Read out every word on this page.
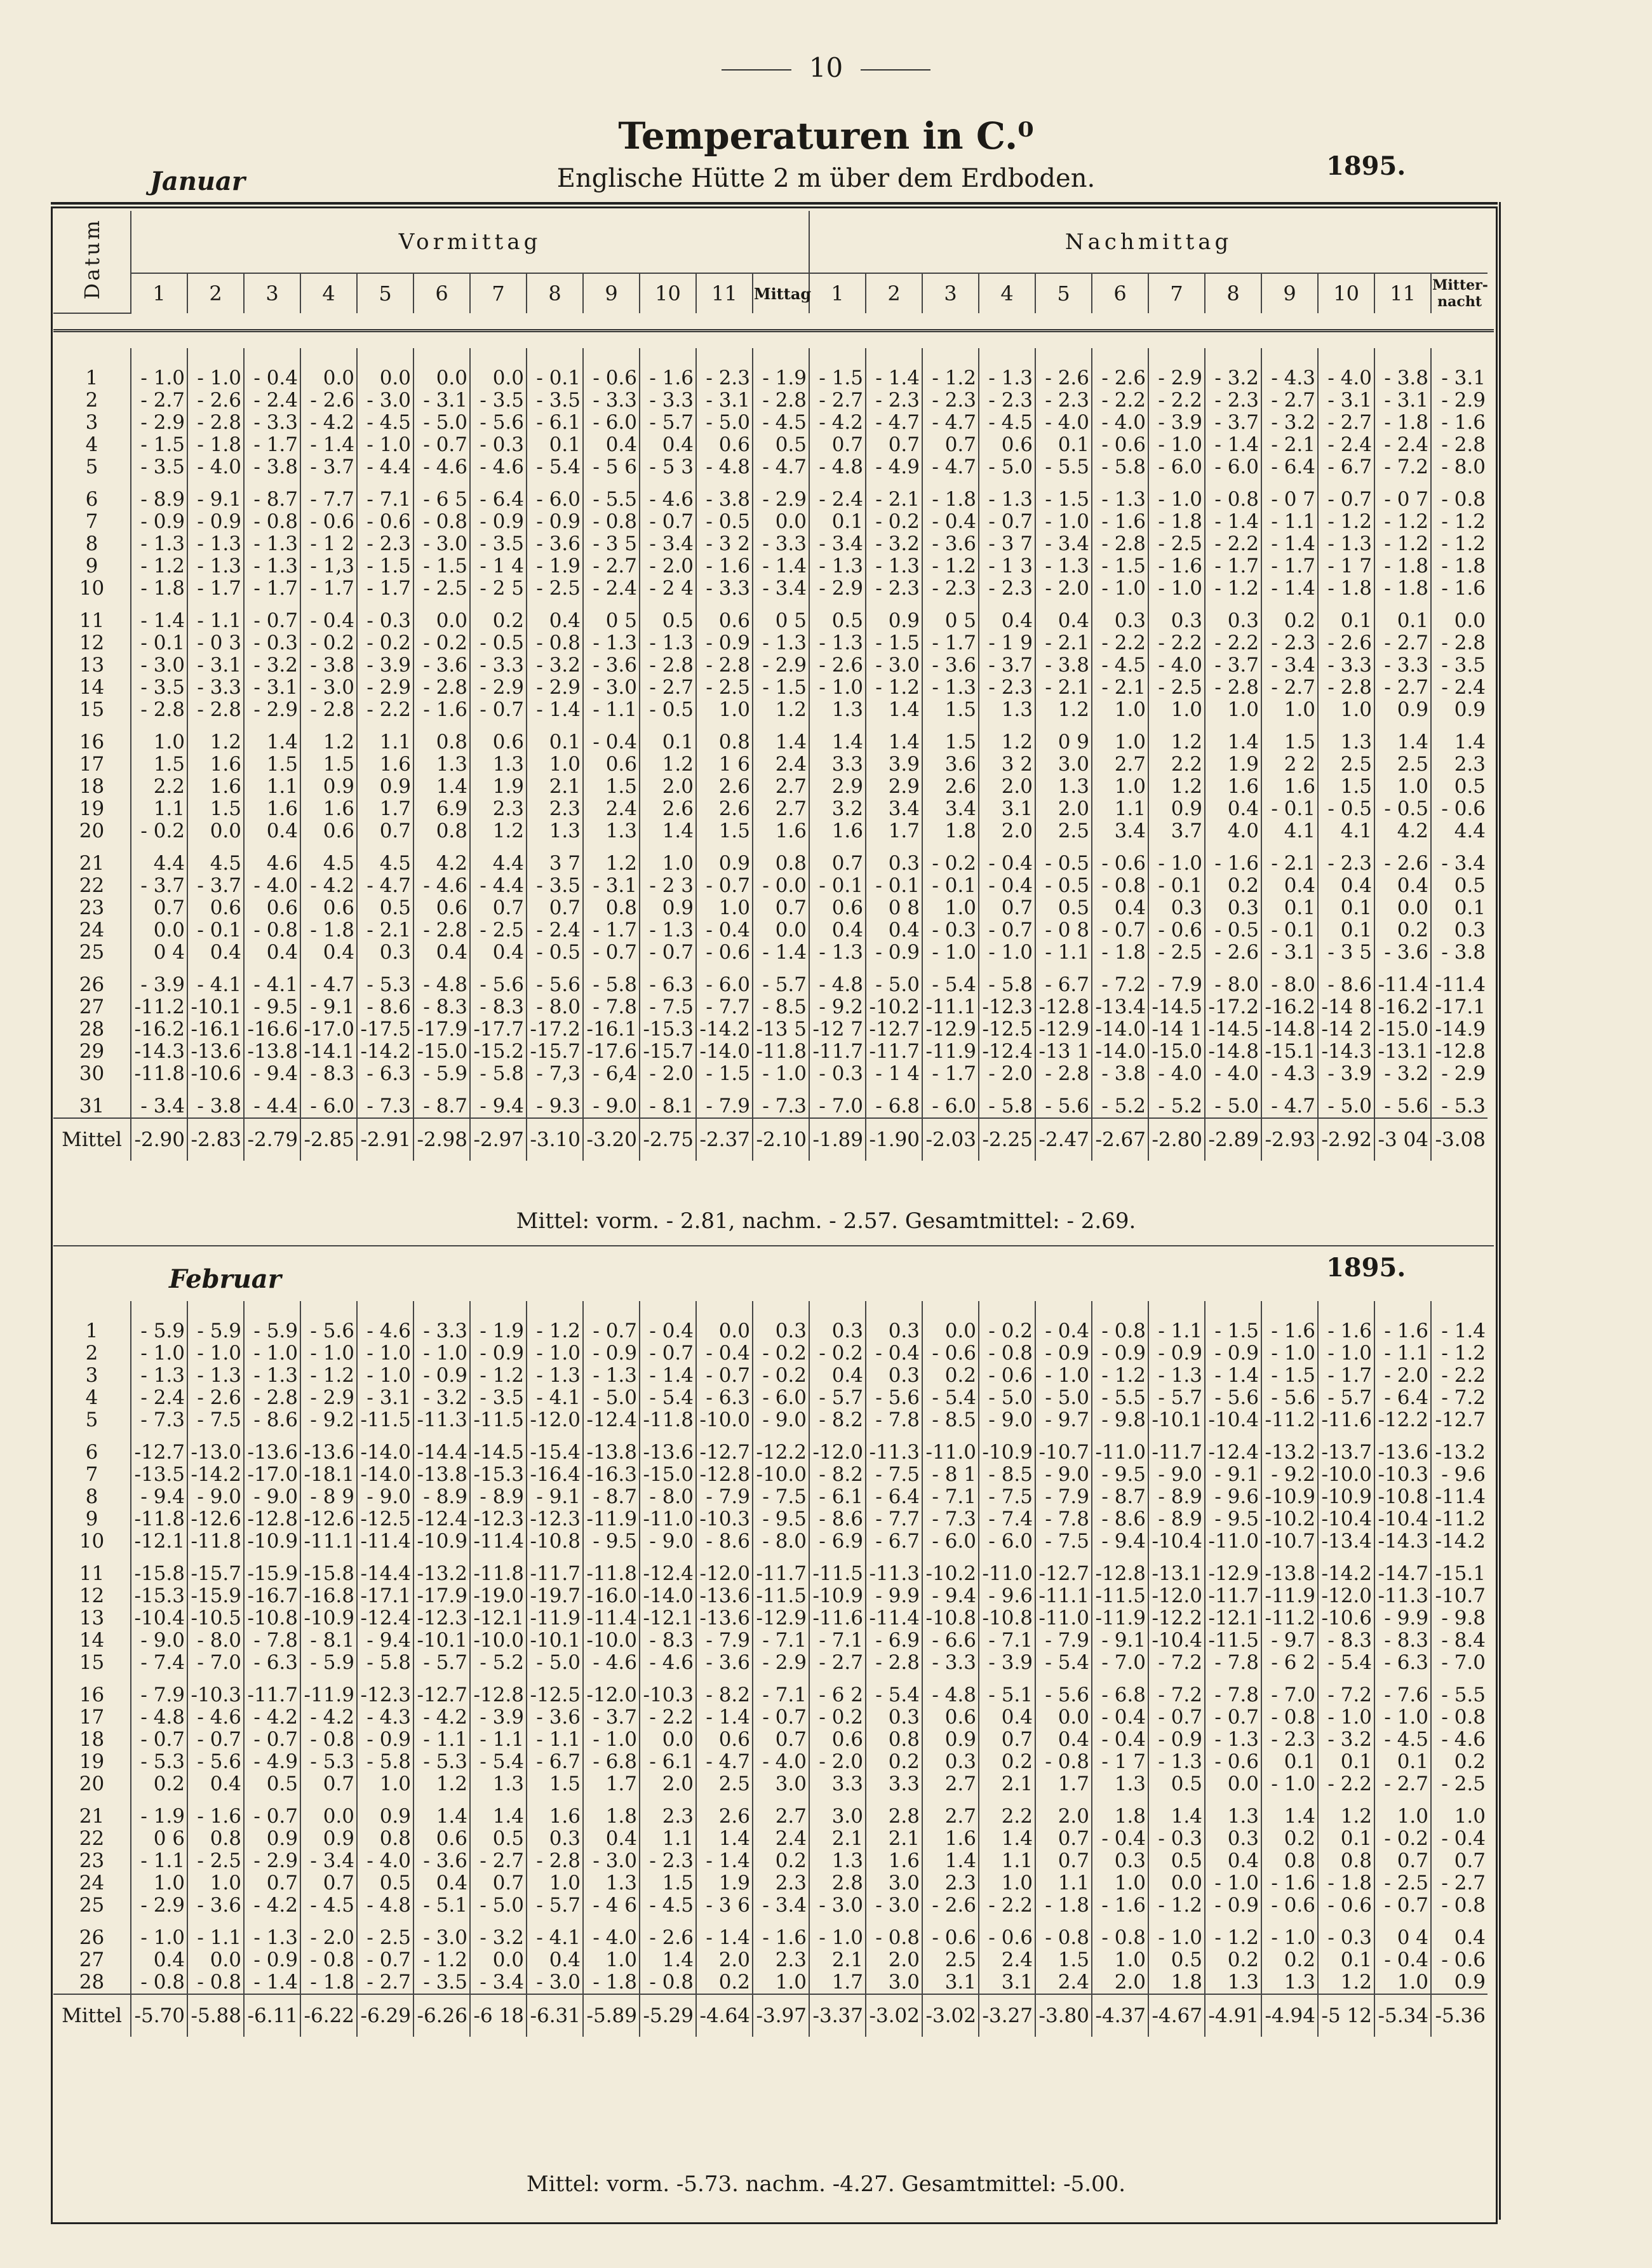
10
Temperaturen in C.⁰
Englische Hütte 2 m über dem Erdboden.
Januar
1895.
Datum	Vormittag												Nachmittag											
	1	2	3	4	5	6	7	8	9	10	11	Mittag	1	2	3	4	5	6	7	8	9	10	11	Mitter-
nacht
1	- 1.0	- 1.0	- 0.4	0.0	0.0	0.0	0.0	- 0.1	- 0.6	- 1.6	- 2.3	- 1.9	- 1.5	- 1.4	- 1.2	- 1.3	- 2.6	- 2.6	- 2.9	- 3.2	- 4.3	- 4.0	- 3.8	- 3.1
2	- 2.7	- 2.6	- 2.4	- 2.6	- 3.0	- 3.1	- 3.5	- 3.5	- 3.3	- 3.3	- 3.1	- 2.8	- 2.7	- 2.3	- 2.3	- 2.3	- 2.3	- 2.2	- 2.2	- 2.3	- 2.7	- 3.1	- 3.1	- 2.9
3	- 2.9	- 2.8	- 3.3	- 4.2	- 4.5	- 5.0	- 5.6	- 6.1	- 6.0	- 5.7	- 5.0	- 4.5	- 4.2	- 4.7	- 4.7	- 4.5	- 4.0	- 4.0	- 3.9	- 3.7	- 3.2	- 2.7	- 1.8	- 1.6
4	- 1.5	- 1.8	- 1.7	- 1.4	- 1.0	- 0.7	- 0.3	0.1	0.4	0.4	0.6	0.5	0.7	0.7	0.7	0.6	0.1	- 0.6	- 1.0	- 1.4	- 2.1	- 2.4	- 2.4	- 2.8
5	- 3.5	- 4.0	- 3.8	- 3.7	- 4.4	- 4.6	- 4.6	- 5.4	- 5 6	- 5 3	- 4.8	- 4.7	- 4.8	- 4.9	- 4.7	- 5.0	- 5.5	- 5.8	- 6.0	- 6.0	- 6.4	- 6.7	- 7.2	- 8.0
6	- 8.9	- 9.1	- 8.7	- 7.7	- 7.1	- 6 5	- 6.4	- 6.0	- 5.5	- 4.6	- 3.8	- 2.9	- 2.4	- 2.1	- 1.8	- 1.3	- 1.5	- 1.3	- 1.0	- 0.8	- 0 7	- 0.7	- 0 7	- 0.8
7	- 0.9	- 0.9	- 0.8	- 0.6	- 0.6	- 0.8	- 0.9	- 0.9	- 0.8	- 0.7	- 0.5	0.0	0.1	- 0.2	- 0.4	- 0.7	- 1.0	- 1.6	- 1.8	- 1.4	- 1.1	- 1.2	- 1.2	- 1.2
8	- 1.3	- 1.3	- 1.3	- 1 2	- 2.3	- 3.0	- 3.5	- 3.6	- 3 5	- 3.4	- 3 2	- 3.3	- 3.4	- 3.2	- 3.6	- 3 7	- 3.4	- 2.8	- 2.5	- 2.2	- 1.4	- 1.3	- 1.2	- 1.2
9	- 1.2	- 1.3	- 1.3	- 1,3	- 1.5	- 1.5	- 1 4	- 1.9	- 2.7	- 2.0	- 1.6	- 1.4	- 1.3	- 1.3	- 1.2	- 1 3	- 1.3	- 1.5	- 1.6	- 1.7	- 1.7	- 1 7	- 1.8	- 1.8
10	- 1.8	- 1.7	- 1.7	- 1.7	- 1.7	- 2.5	- 2 5	- 2.5	- 2.4	- 2 4	- 3.3	- 3.4	- 2.9	- 2.3	- 2.3	- 2.3	- 2.0	- 1.0	- 1.0	- 1.2	- 1.4	- 1.8	- 1.8	- 1.6
11	- 1.4	- 1.1	- 0.7	- 0.4	- 0.3	0.0	0.2	0.4	0 5	0.5	0.6	0 5	0.5	0.9	0 5	0.4	0.4	0.3	0.3	0.3	0.2	0.1	0.1	0.0
12	- 0.1	- 0 3	- 0.3	- 0.2	- 0.2	- 0.2	- 0.5	- 0.8	- 1.3	- 1.3	- 0.9	- 1.3	- 1.3	- 1.5	- 1.7	- 1 9	- 2.1	- 2.2	- 2.2	- 2.2	- 2.3	- 2.6	- 2.7	- 2.8
13	- 3.0	- 3.1	- 3.2	- 3.8	- 3.9	- 3.6	- 3.3	- 3.2	- 3.6	- 2.8	- 2.8	- 2.9	- 2.6	- 3.0	- 3.6	- 3.7	- 3.8	- 4.5	- 4.0	- 3.7	- 3.4	- 3.3	- 3.3	- 3.5
14	- 3.5	- 3.3	- 3.1	- 3.0	- 2.9	- 2.8	- 2.9	- 2.9	- 3.0	- 2.7	- 2.5	- 1.5	- 1.0	- 1.2	- 1.3	- 2.3	- 2.1	- 2.1	- 2.5	- 2.8	- 2.7	- 2.8	- 2.7	- 2.4
15	- 2.8	- 2.8	- 2.9	- 2.8	- 2.2	- 1.6	- 0.7	- 1.4	- 1.1	- 0.5	1.0	1.2	1.3	1.4	1.5	1.3	1.2	1.0	1.0	1.0	1.0	1.0	0.9	0.9
16	1.0	1.2	1.4	1.2	1.1	0.8	0.6	0.1	- 0.4	0.1	0.8	1.4	1.4	1.4	1.5	1.2	0 9	1.0	1.2	1.4	1.5	1.3	1.4	1.4
17	1.5	1.6	1.5	1.5	1.6	1.3	1.3	1.0	0.6	1.2	1 6	2.4	3.3	3.9	3.6	3 2	3.0	2.7	2.2	1.9	2 2	2.5	2.5	2.3
18	2.2	1.6	1.1	0.9	0.9	1.4	1.9	2.1	1.5	2.0	2.6	2.7	2.9	2.9	2.6	2.0	1.3	1.0	1.2	1.6	1.6	1.5	1.0	0.5
19	1.1	1.5	1.6	1.6	1.7	6.9	2.3	2.3	2.4	2.6	2.6	2.7	3.2	3.4	3.4	3.1	2.0	1.1	0.9	0.4	- 0.1	- 0.5	- 0.5	- 0.6
20	- 0.2	0.0	0.4	0.6	0.7	0.8	1.2	1.3	1.3	1.4	1.5	1.6	1.6	1.7	1.8	2.0	2.5	3.4	3.7	4.0	4.1	4.1	4.2	4.4
21	4.4	4.5	4.6	4.5	4.5	4.2	4.4	3 7	1.2	1.0	0.9	0.8	0.7	0.3	- 0.2	- 0.4	- 0.5	- 0.6	- 1.0	- 1.6	- 2.1	- 2.3	- 2.6	- 3.4
22	- 3.7	- 3.7	- 4.0	- 4.2	- 4.7	- 4.6	- 4.4	- 3.5	- 3.1	- 2 3	- 0.7	- 0.0	- 0.1	- 0.1	- 0.1	- 0.4	- 0.5	- 0.8	- 0.1	0.2	0.4	0.4	0.4	0.5
23	0.7	0.6	0.6	0.6	0.5	0.6	0.7	0.7	0.8	0.9	1.0	0.7	0.6	0 8	1.0	0.7	0.5	0.4	0.3	0.3	0.1	0.1	0.0	0.1
24	0.0	- 0.1	- 0.8	- 1.8	- 2.1	- 2.8	- 2.5	- 2.4	- 1.7	- 1.3	- 0.4	0.0	0.4	0.4	- 0.3	- 0.7	- 0 8	- 0.7	- 0.6	- 0.5	- 0.1	0.1	0.2	0.3
25	0 4	0.4	0.4	0.4	0.3	0.4	0.4	- 0.5	- 0.7	- 0.7	- 0.6	- 1.4	- 1.3	- 0.9	- 1.0	- 1.0	- 1.1	- 1.8	- 2.5	- 2.6	- 3.1	- 3 5	- 3.6	- 3.8
26	- 3.9	- 4.1	- 4.1	- 4.7	- 5.3	- 4.8	- 5.6	- 5.6	- 5.8	- 6.3	- 6.0	- 5.7	- 4.8	- 5.0	- 5.4	- 5.8	- 6.7	- 7.2	- 7.9	- 8.0	- 8.0	- 8.6	-11.4	-11.4
27	-11.2	-10.1	- 9.5	- 9.1	- 8.6	- 8.3	- 8.3	- 8.0	- 7.8	- 7.5	- 7.7	- 8.5	- 9.2	-10.2	-11.1	-12.3	-12.8	-13.4	-14.5	-17.2	-16.2	-14 8	-16.2	-17.1
28	-16.2	-16.1	-16.6	-17.0	-17.5	-17.9	-17.7	-17.2	-16.1	-15.3	-14.2	-13 5	-12 7	-12.7	-12.9	-12.5	-12.9	-14.0	-14 1	-14.5	-14.8	-14 2	-15.0	-14.9
29	-14.3	-13.6	-13.8	-14.1	-14.2	-15.0	-15.2	-15.7	-17.6	-15.7	-14.0	-11.8	-11.7	-11.7	-11.9	-12.4	-13 1	-14.0	-15.0	-14.8	-15.1	-14.3	-13.1	-12.8
30	-11.8	-10.6	- 9.4	- 8.3	- 6.3	- 5.9	- 5.8	- 7,3	- 6,4	- 2.0	- 1.5	- 1.0	- 0.3	- 1 4	- 1.7	- 2.0	- 2.8	- 3.8	- 4.0	- 4.0	- 4.3	- 3.9	- 3.2	- 2.9
31	- 3.4	- 3.8	- 4.4	- 6.0	- 7.3	- 8.7	- 9.4	- 9.3	- 9.0	- 8.1	- 7.9	- 7.3	- 7.0	- 6.8	- 6.0	- 5.8	- 5.6	- 5.2	- 5.2	- 5.0	- 4.7	- 5.0	- 5.6	- 5.3
Mittel	-2.90	-2.83	-2.79	-2.85	-2.91	-2.98	-2.97	-3.10	-3.20	-2.75	-2.37	-2.10	-1.89	-1.90	-2.03	-2.25	-2.47	-2.67	-2.80	-2.89	-2.93	-2.92	-3 04	-3.08
Mittel: vorm. - 2.81, nachm. - 2.57. Gesamtmittel: - 2.69.
Februar	1895.
1	- 5.9	- 5.9	- 5.9	- 5.6	- 4.6	- 3.3	- 1.9	- 1.2	- 0.7	- 0.4	0.0	0.3	0.3	0.3	0.0	- 0.2	- 0.4	- 0.8	- 1.1	- 1.5	- 1.6	- 1.6	- 1.6	- 1.4
2	- 1.0	- 1.0	- 1.0	- 1.0	- 1.0	- 1.0	- 0.9	- 1.0	- 0.9	- 0.7	- 0.4	- 0.2	- 0.2	- 0.4	- 0.6	- 0.8	- 0.9	- 0.9	- 0.9	- 0.9	- 1.0	- 1.0	- 1.1	- 1.2
3	- 1.3	- 1.3	- 1.3	- 1.2	- 1.0	- 0.9	- 1.2	- 1.3	- 1.3	- 1.4	- 0.7	- 0.2	0.4	0.3	0.2	- 0.6	- 1.0	- 1.2	- 1.3	- 1.4	- 1.5	- 1.7	- 2.0	- 2.2
4	- 2.4	- 2.6	- 2.8	- 2.9	- 3.1	- 3.2	- 3.5	- 4.1	- 5.0	- 5.4	- 6.3	- 6.0	- 5.7	- 5.6	- 5.4	- 5.0	- 5.0	- 5.5	- 5.7	- 5.6	- 5.6	- 5.7	- 6.4	- 7.2
5	- 7.3	- 7.5	- 8.6	- 9.2	-11.5	-11.3	-11.5	-12.0	-12.4	-11.8	-10.0	- 9.0	- 8.2	- 7.8	- 8.5	- 9.0	- 9.7	- 9.8	-10.1	-10.4	-11.2	-11.6	-12.2	-12.7
6	-12.7	-13.0	-13.6	-13.6	-14.0	-14.4	-14.5	-15.4	-13.8	-13.6	-12.7	-12.2	-12.0	-11.3	-11.0	-10.9	-10.7	-11.0	-11.7	-12.4	-13.2	-13.7	-13.6	-13.2
7	-13.5	-14.2	-17.0	-18.1	-14.0	-13.8	-15.3	-16.4	-16.3	-15.0	-12.8	-10.0	- 8.2	- 7.5	- 8 1	- 8.5	- 9.0	- 9.5	- 9.0	- 9.1	- 9.2	-10.0	-10.3	- 9.6
8	- 9.4	- 9.0	- 9.0	- 8 9	- 9.0	- 8.9	- 8.9	- 9.1	- 8.7	- 8.0	- 7.9	- 7.5	- 6.1	- 6.4	- 7.1	- 7.5	- 7.9	- 8.7	- 8.9	- 9.6	-10.9	-10.9	-10.8	-11.4
9	-11.8	-12.6	-12.8	-12.6	-12.5	-12.4	-12.3	-12.3	-11.9	-11.0	-10.3	- 9.5	- 8.6	- 7.7	- 7.3	- 7.4	- 7.8	- 8.6	- 8.9	- 9.5	-10.2	-10.4	-10.4	-11.2
10	-12.1	-11.8	-10.9	-11.1	-11.4	-10.9	-11.4	-10.8	- 9.5	- 9.0	- 8.6	- 8.0	- 6.9	- 6.7	- 6.0	- 6.0	- 7.5	- 9.4	-10.4	-11.0	-10.7	-13.4	-14.3	-14.2
11	-15.8	-15.7	-15.9	-15.8	-14.4	-13.2	-11.8	-11.7	-11.8	-12.4	-12.0	-11.7	-11.5	-11.3	-10.2	-11.0	-12.7	-12.8	-13.1	-12.9	-13.8	-14.2	-14.7	-15.1
12	-15.3	-15.9	-16.7	-16.8	-17.1	-17.9	-19.0	-19.7	-16.0	-14.0	-13.6	-11.5	-10.9	- 9.9	- 9.4	- 9.6	-11.1	-11.5	-12.0	-11.7	-11.9	-12.0	-11.3	-10.7
13	-10.4	-10.5	-10.8	-10.9	-12.4	-12.3	-12.1	-11.9	-11.4	-12.1	-13.6	-12.9	-11.6	-11.4	-10.8	-10.8	-11.0	-11.9	-12.2	-12.1	-11.2	-10.6	- 9.9	- 9.8
14	- 9.0	- 8.0	- 7.8	- 8.1	- 9.4	-10.1	-10.0	-10.1	-10.0	- 8.3	- 7.9	- 7.1	- 7.1	- 6.9	- 6.6	- 7.1	- 7.9	- 9.1	-10.4	-11.5	- 9.7	- 8.3	- 8.3	- 8.4
15	- 7.4	- 7.0	- 6.3	- 5.9	- 5.8	- 5.7	- 5.2	- 5.0	- 4.6	- 4.6	- 3.6	- 2.9	- 2.7	- 2.8	- 3.3	- 3.9	- 5.4	- 7.0	- 7.2	- 7.8	- 6 2	- 5.4	- 6.3	- 7.0
16	- 7.9	-10.3	-11.7	-11.9	-12.3	-12.7	-12.8	-12.5	-12.0	-10.3	- 8.2	- 7.1	- 6 2	- 5.4	- 4.8	- 5.1	- 5.6	- 6.8	- 7.2	- 7.8	- 7.0	- 7.2	- 7.6	- 5.5
17	- 4.8	- 4.6	- 4.2	- 4.2	- 4.3	- 4.2	- 3.9	- 3.6	- 3.7	- 2.2	- 1.4	- 0.7	- 0.2	0.3	0.6	0.4	0.0	- 0.4	- 0.7	- 0.7	- 0.8	- 1.0	- 1.0	- 0.8
18	- 0.7	- 0.7	- 0.7	- 0.8	- 0.9	- 1.1	- 1.1	- 1.1	- 1.0	0.0	0.6	0.7	0.6	0.8	0.9	0.7	0.4	- 0.4	- 0.9	- 1.3	- 2.3	- 3.2	- 4.5	- 4.6
19	- 5.3	- 5.6	- 4.9	- 5.3	- 5.8	- 5.3	- 5.4	- 6.7	- 6.8	- 6.1	- 4.7	- 4.0	- 2.0	0.2	0.3	0.2	- 0.8	- 1 7	- 1.3	- 0.6	0.1	0.1	0.1	0.2
20	0.2	0.4	0.5	0.7	1.0	1.2	1.3	1.5	1.7	2.0	2.5	3.0	3.3	3.3	2.7	2.1	1.7	1.3	0.5	0.0	- 1.0	- 2.2	- 2.7	- 2.5
21	- 1.9	- 1.6	- 0.7	0.0	0.9	1.4	1.4	1.6	1.8	2.3	2.6	2.7	3.0	2.8	2.7	2.2	2.0	1.8	1.4	1.3	1.4	1.2	1.0	1.0
22	0 6	0.8	0.9	0.9	0.8	0.6	0.5	0.3	0.4	1.1	1.4	2.4	2.1	2.1	1.6	1.4	0.7	- 0.4	- 0.3	0.3	0.2	0.1	- 0.2	- 0.4
23	- 1.1	- 2.5	- 2.9	- 3.4	- 4.0	- 3.6	- 2.7	- 2.8	- 3.0	- 2.3	- 1.4	0.2	1.3	1.6	1.4	1.1	0.7	0.3	0.5	0.4	0.8	0.8	0.7	0.7
24	1.0	1.0	0.7	0.7	0.5	0.4	0.7	1.0	1.3	1.5	1.9	2.3	2.8	3.0	2.3	1.0	1.1	1.0	0.0	- 1.0	- 1.6	- 1.8	- 2.5	- 2.7
25	- 2.9	- 3.6	- 4.2	- 4.5	- 4.8	- 5.1	- 5.0	- 5.7	- 4 6	- 4.5	- 3 6	- 3.4	- 3.0	- 3.0	- 2.6	- 2.2	- 1.8	- 1.6	- 1.2	- 0.9	- 0.6	- 0.6	- 0.7	- 0.8
26	- 1.0	- 1.1	- 1.3	- 2.0	- 2.5	- 3.0	- 3.2	- 4.1	- 4.0	- 2.6	- 1.4	- 1.6	- 1.0	- 0.8	- 0.6	- 0.6	- 0.8	- 0.8	- 1.0	- 1.2	- 1.0	- 0.3	0 4	0.4
27	0.4	0.0	- 0.9	- 0.8	- 0.7	- 1.2	0.0	0.4	1.0	1.4	2.0	2.3	2.1	2.0	2.5	2.4	1.5	1.0	0.5	0.2	0.2	0.1	- 0.4	- 0.6
28	- 0.8	- 0.8	- 1.4	- 1.8	- 2.7	- 3.5	- 3.4	- 3.0	- 1.8	- 0.8	0.2	1.0	1.7	3.0	3.1	3.1	2.4	2.0	1.8	1.3	1.3	1.2	1.0	0.9
Mittel	-5.70	-5.88	-6.11	-6.22	-6.29	-6.26	-6 18	-6.31	-5.89	-5.29	-4.64	-3.97	-3.37	-3.02	-3.02	-3.27	-3.80	-4.37	-4.67	-4.91	-4.94	-5 12	-5.34	-5.36
Mittel: vorm. -5.73. nachm. -4.27. Gesamtmittel: -5.00.
